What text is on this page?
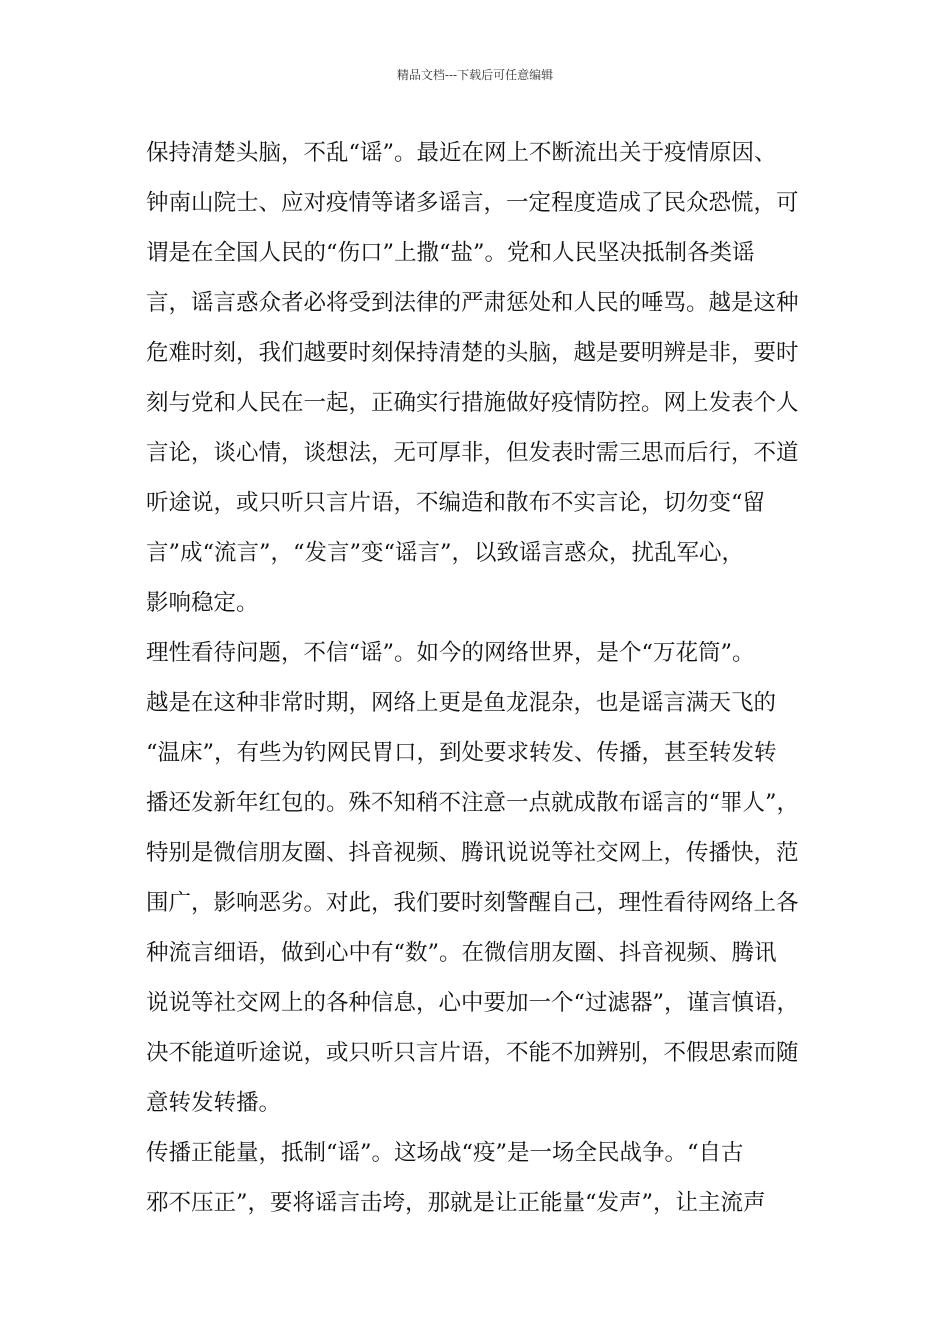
精品文档---下载后可任意编辑
保持清楚头脑，不乱“谣”。最近在网上不断流出关于疫情原因、
钟南山院士、应对疫情等诸多谣言，一定程度造成了民众恐慌，可
谓是在全国人民的“伤口”上撒“盐”。党和人民坚决抵制各类谣
言，谣言惑众者必将受到法律的严肃惩处和人民的唾骂。越是这种
危难时刻，我们越要时刻保持清楚的头脑，越是要明辨是非，要时
刻与党和人民在一起，正确实行措施做好疫情防控。网上发表个人
言论，谈心情，谈想法，无可厚非，但发表时需三思而后行，不道
听途说，或只听只言片语，不编造和散布不实言论，切勿变“留
言”成“流言”，“发言”变“谣言”，以致谣言惑众，扰乱军心，
影响稳定。
理性看待问题，不信“谣”。如今的网络世界，是个“万花筒”。
越是在这种非常时期，网络上更是鱼龙混杂，也是谣言满天飞的
“温床”，有些为钓网民胃口，到处要求转发、传播，甚至转发转
播还发新年红包的。殊不知稍不注意一点就成散布谣言的“罪人”，
特别是微信朋友圈、抖音视频、腾讯说说等社交网上，传播快，范
围广，影响恶劣。对此，我们要时刻警醒自己，理性看待网络上各
种流言细语，做到心中有“数”。在微信朋友圈、抖音视频、腾讯
说说等社交网上的各种信息，心中要加一个“过滤器”，谨言慎语，
决不能道听途说，或只听只言片语，不能不加辨别，不假思索而随
意转发转播。
传播正能量，抵制“谣”。这场战“疫”是一场全民战争。“自古
邪不压正”，要将谣言击垮，那就是让正能量“发声”，让主流声
